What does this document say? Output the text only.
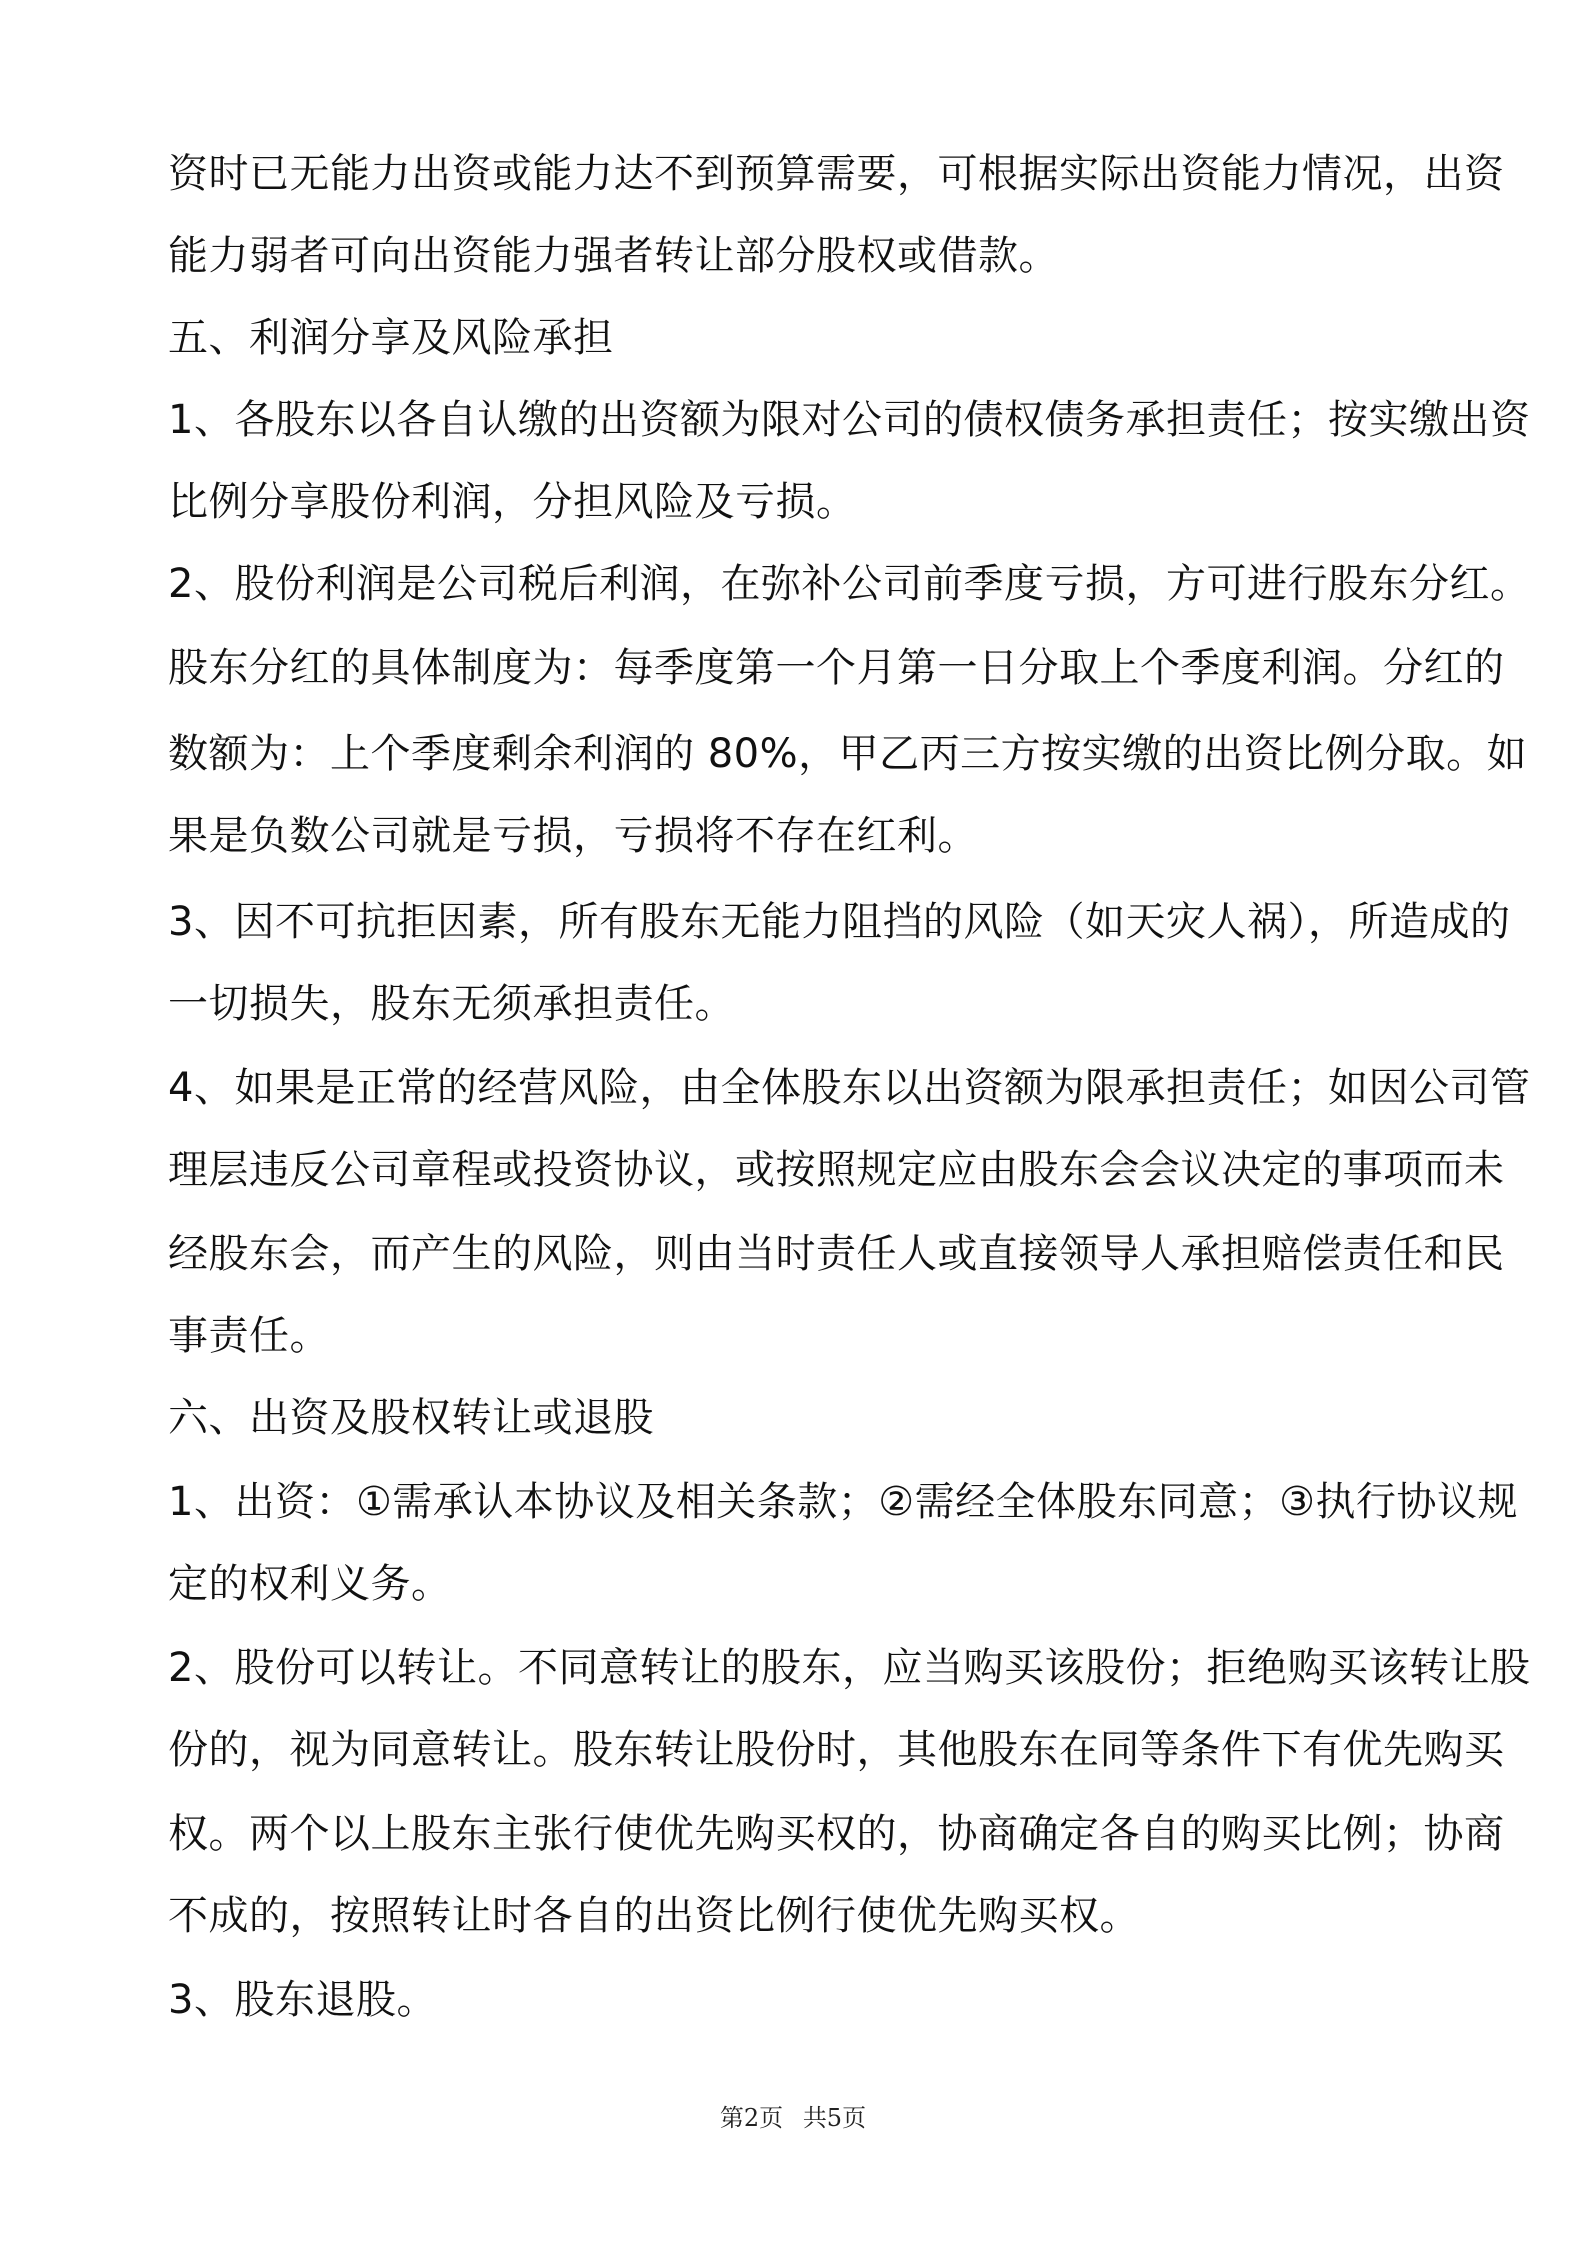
资时已无能力出资或能力达不到预算需要，可根据实际出资能力情况，出资

能力弱者可向出资能力强者转让部分股权或借款。

五、利润分享及风险承担

1、各股东以各自认缴的出资额为限对公司的债权债务承担责任；按实缴出资

比例分享股份利润，分担风险及亏损。

2、股份利润是公司税后利润，在弥补公司前季度亏损，方可进行股东分红。

股东分红的具体制度为：每季度第一个月第一日分取上个季度利润。分红的

数额为：上个季度剩余利润的 80%，甲乙丙三方按实缴的出资比例分取。如

果是负数公司就是亏损，亏损将不存在红利。

3、因不可抗拒因素，所有股东无能力阻挡的风险（如天灾人祸），所造成的

一切损失，股东无须承担责任。

4、如果是正常的经营风险，由全体股东以出资额为限承担责任；如因公司管

理层违反公司章程或投资协议，或按照规定应由股东会会议决定的事项而未

经股东会，而产生的风险，则由当时责任人或直接领导人承担赔偿责任和民

事责任。

六、出资及股权转让或退股

1、出资：①需承认本协议及相关条款；②需经全体股东同意；③执行协议规

定的权利义务。

2、股份可以转让。不同意转让的股东，应当购买该股份；拒绝购买该转让股

份的，视为同意转让。股东转让股份时，其他股东在同等条件下有优先购买

权。两个以上股东主张行使优先购买权的，协商确定各自的购买比例；协商

不成的，按照转让时各自的出资比例行使优先购买权。

3、股东退股。

第2页 共5页
